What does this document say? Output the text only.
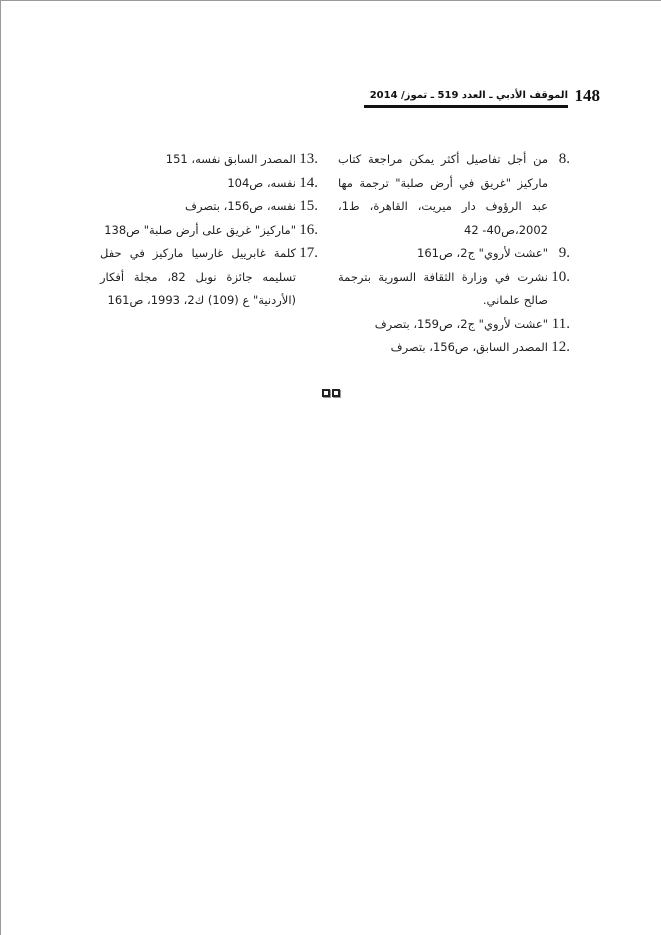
148
الموقف الأدبي ـ العدد 519 ـ تموز/ 2014
8.
من أجل تفاصيل أكثر يمكن مراجعة كتاب ماركيز "غريق في أرض صلبة" ترجمة مها عبد الرؤوف دار ميريت، القاهرة، ط1، 2002،ص40- 42
9.
"عشت لأروي" ج2، ص161
10.
نشرت في وزارة الثقافة السورية بترجمة صالح علماني.
11.
"عشت لأروي" ج2، ص159، بتصرف
12.
المصدر السابق، ص156، بتصرف
13.
المصدر السابق نفسه، 151
14.
نفسه، ص104
15.
نفسه، ص156، بتصرف
16.
"ماركيز" غريق على أرض صلبة" ص138
17.
كلمة غابرييل غارسيا ماركيز في حفل تسليمه جائزة نوبل 82، مجلة أفكار (الأردنية" ع (109) ك2، 1993، ص161
